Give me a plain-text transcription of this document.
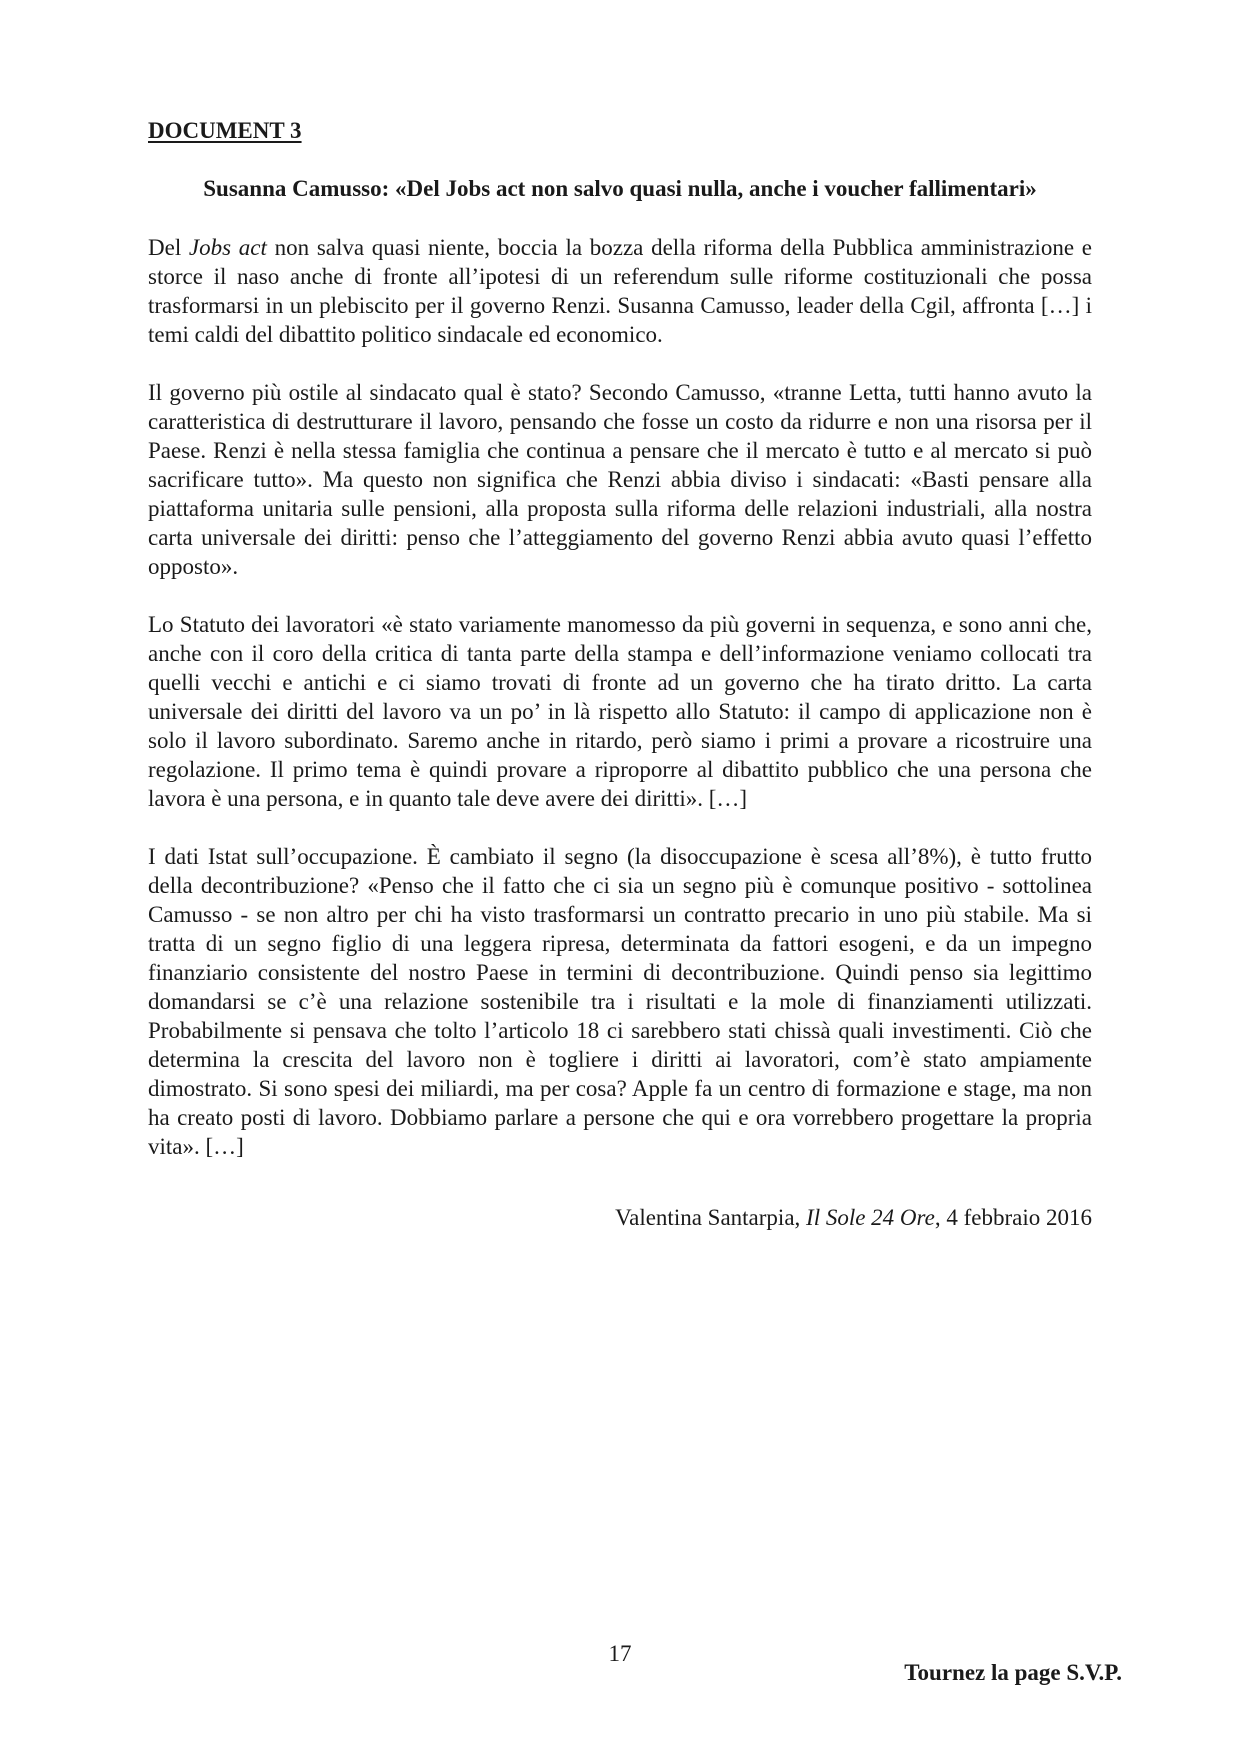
DOCUMENT 3

Susanna Camusso: «Del Jobs act non salvo quasi nulla, anche i voucher fallimentari»

Del Jobs act non salva quasi niente, boccia la bozza della riforma della Pubblica amministrazione e storce il naso anche di fronte all’ipotesi di un referendum sulle riforme costituzionali che possa trasformarsi in un plebiscito per il governo Renzi. Susanna Camusso, leader della Cgil, affronta […] i temi caldi del dibattito politico sindacale ed economico.

Il governo più ostile al sindacato qual è stato? Secondo Camusso, «tranne Letta, tutti hanno avuto la caratteristica di destrutturare il lavoro, pensando che fosse un costo da ridurre e non una risorsa per il Paese. Renzi è nella stessa famiglia che continua a pensare che il mercato è tutto e al mercato si può sacrificare tutto». Ma questo non significa che Renzi abbia diviso i sindacati: «Basti pensare alla piattaforma unitaria sulle pensioni, alla proposta sulla riforma delle relazioni industriali, alla nostra carta universale dei diritti: penso che l’atteggiamento del governo Renzi abbia avuto quasi l’effetto opposto».

Lo Statuto dei lavoratori «è stato variamente manomesso da più governi in sequenza, e sono anni che, anche con il coro della critica di tanta parte della stampa e dell’informazione veniamo collocati tra quelli vecchi e antichi e ci siamo trovati di fronte ad un governo che ha tirato dritto. La carta universale dei diritti del lavoro va un po’ in là rispetto allo Statuto: il campo di applicazione non è solo il lavoro subordinato. Saremo anche in ritardo, però siamo i primi a provare a ricostruire una regolazione. Il primo tema è quindi provare a riproporre al dibattito pubblico che una persona che lavora è una persona, e in quanto tale deve avere dei diritti». […]

I dati Istat sull’occupazione. È cambiato il segno (la disoccupazione è scesa all’8%), è tutto frutto della decontribuzione? «Penso che il fatto che ci sia un segno più è comunque positivo - sottolinea Camusso - se non altro per chi ha visto trasformarsi un contratto precario in uno più stabile. Ma si tratta di un segno figlio di una leggera ripresa, determinata da fattori esogeni, e da un impegno finanziario consistente del nostro Paese in termini di decontribuzione. Quindi penso sia legittimo domandarsi se c’è una relazione sostenibile tra i risultati e la mole di finanziamenti utilizzati. Probabilmente si pensava che tolto l’articolo 18 ci sarebbero stati chissà quali investimenti. Ciò che determina la crescita del lavoro non è togliere i diritti ai lavoratori, com’è stato ampiamente dimostrato. Si sono spesi dei miliardi, ma per cosa? Apple fa un centro di formazione e stage, ma non ha creato posti di lavoro. Dobbiamo parlare a persone che qui e ora vorrebbero progettare la propria vita». […]

Valentina Santarpia, Il Sole 24 Ore, 4 febbraio 2016

17

Tournez la page S.V.P.
